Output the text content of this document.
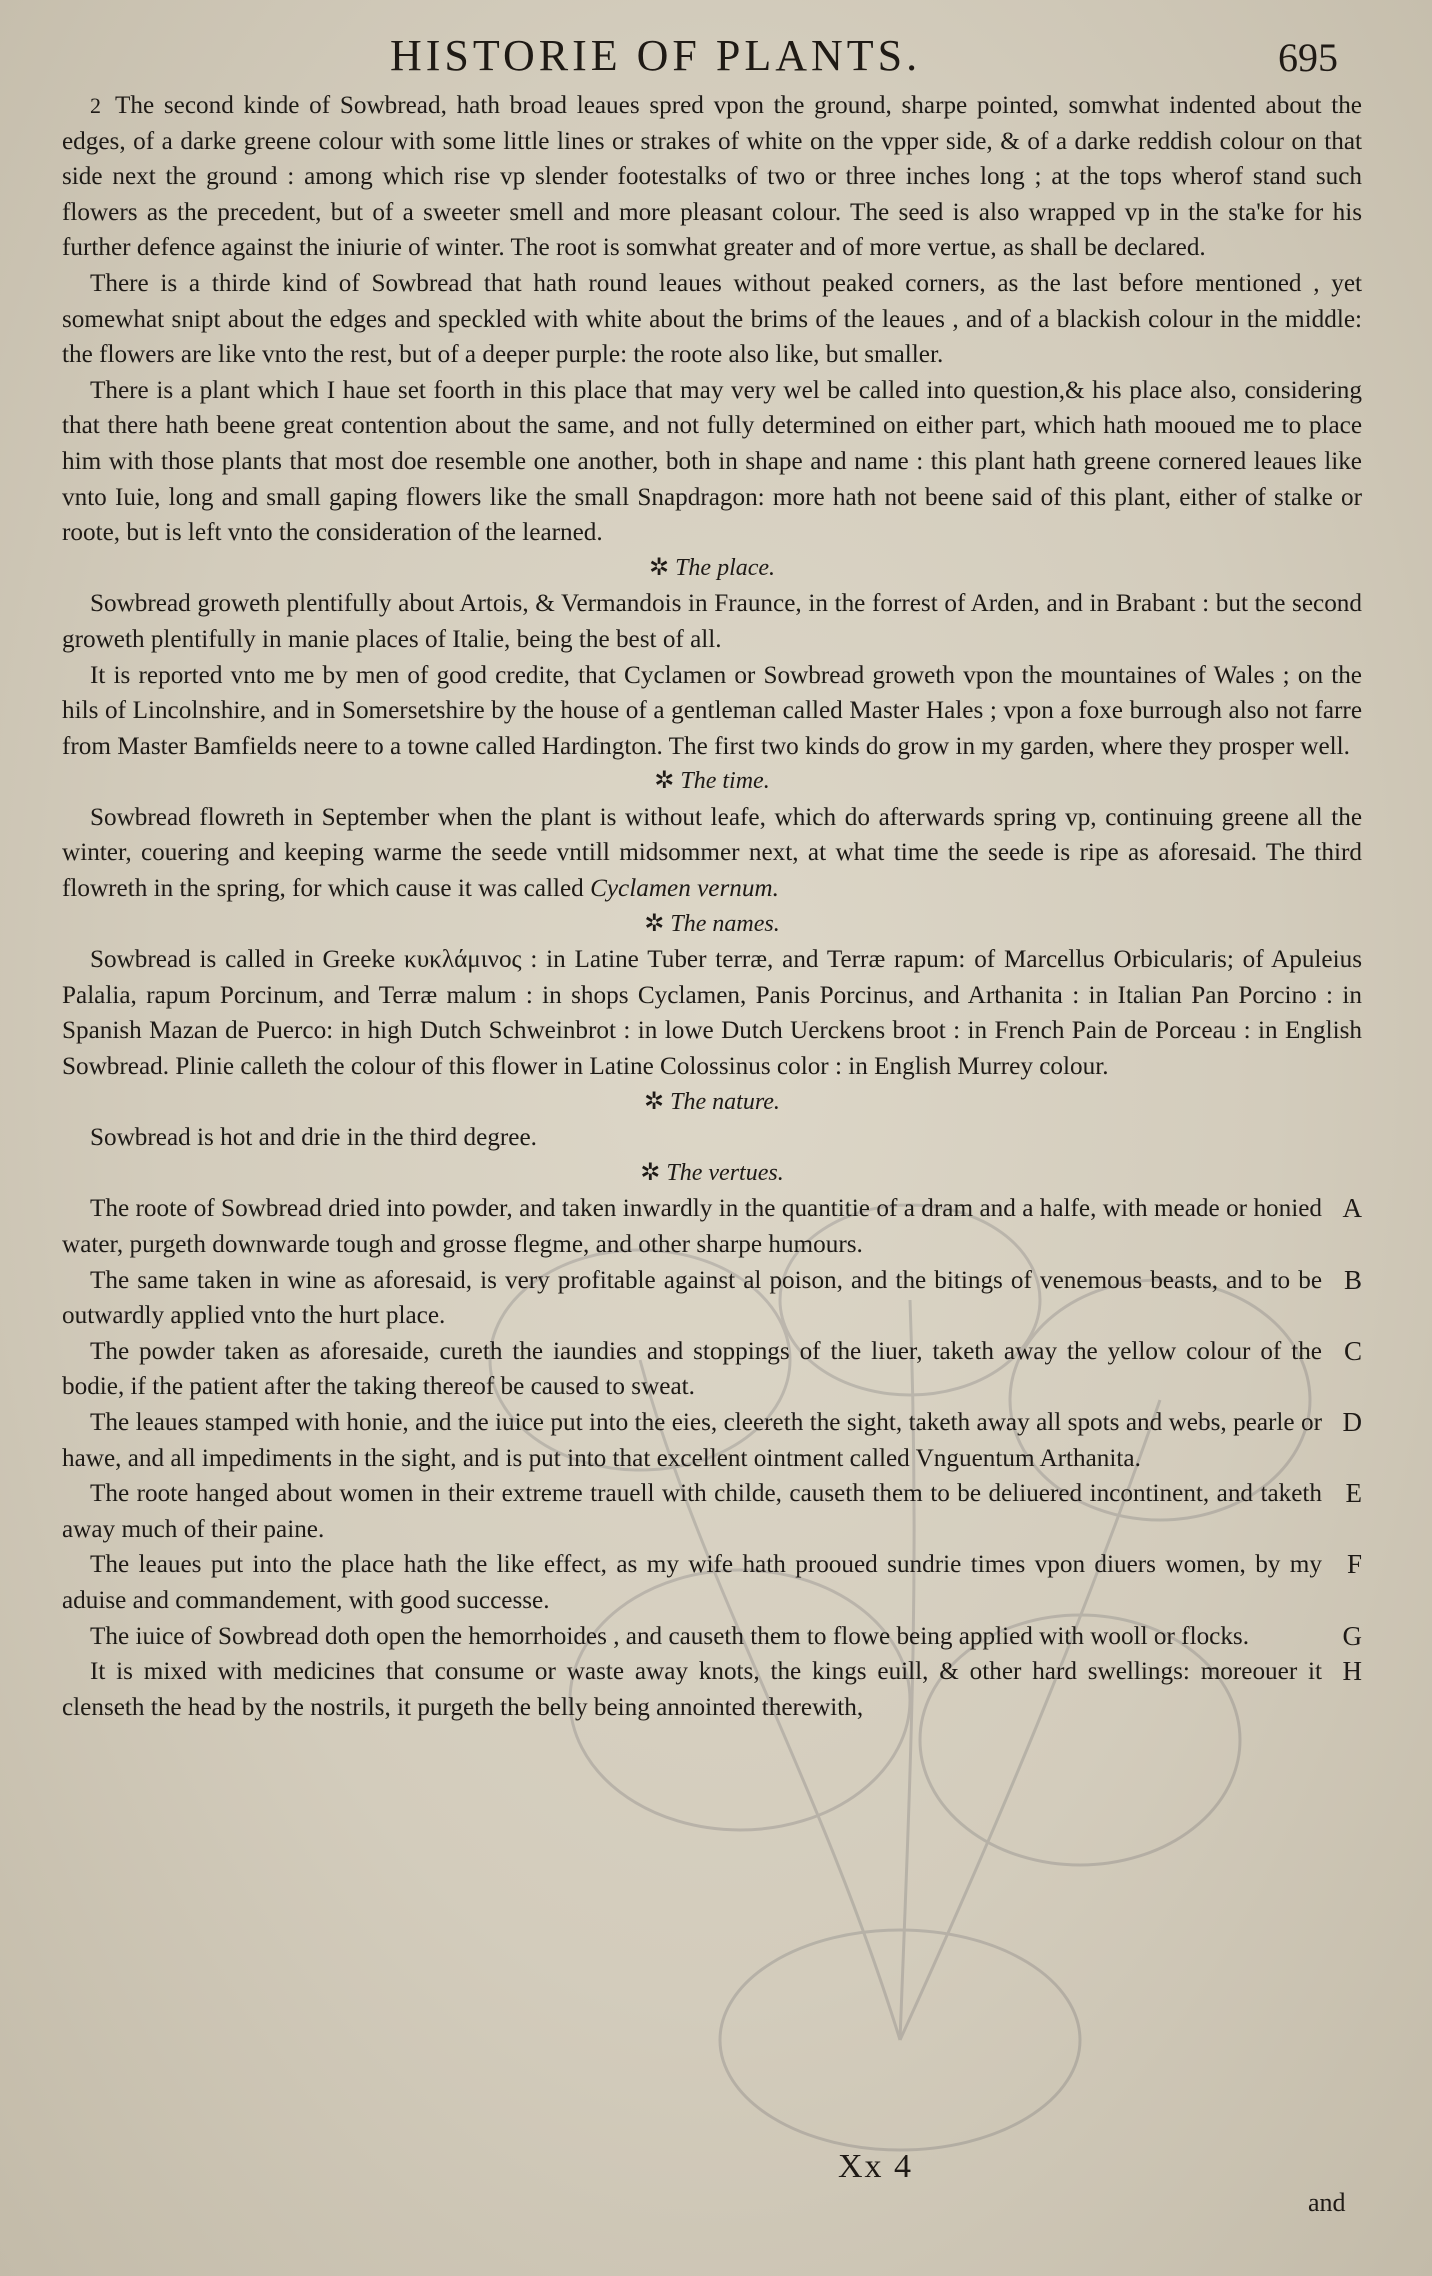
HISTORIE OF PLANTS.	695

2 The second kinde of Sowbread, hath broad leaues spred vpon the ground, sharpe pointed, somwhat indented about the edges, of a darke greene colour with some little lines or strakes of white on the vpper side, & of a darke reddish colour on that side next the ground : among which rise vp slender footestalks of two or three inches long ; at the tops wherof stand such flowers as the precedent, but of a sweeter smell and more pleasant colour. The seed is also wrapped vp in the sta'ke for his further defence against the iniurie of winter. The root is somwhat greater and of more vertue, as shall be declared.

There is a thirde kind of Sowbread that hath round leaues without peaked corners, as the last before mentioned , yet somewhat snipt about the edges and speckled with white about the brims of the leaues , and of a blackish colour in the middle: the flowers are like vnto the rest, but of a deeper purple: the roote also like, but smaller.

There is a plant which I haue set foorth in this place that may very wel be called into question,& his place also, considering that there hath beene great contention about the same, and not fully determined on either part, which hath mooued me to place him with those plants that most doe resemble one another, both in shape and name : this plant hath greene cornered leaues like vnto Iuie, long and small gaping flowers like the small Snapdragon: more hath not beene said of this plant, either of stalke or roote, but is left vnto the consideration of the learned.

✲ The place.

Sowbread groweth plentifully about Artois, & Vermandois in Fraunce, in the forrest of Arden, and in Brabant : but the second groweth plentifully in manie places of Italie, being the best of all.

It is reported vnto me by men of good credite, that Cyclamen or Sowbread groweth vpon the mountaines of Wales ; on the hils of Lincolnshire, and in Somersetshire by the house of a gentleman called Master Hales ; vpon a foxe burrough also not farre from Master Bamfields neere to a towne called Hardington. The first two kinds do grow in my garden, where they prosper well.

✲ The time.

Sowbread flowreth in September when the plant is without leafe, which do afterwards spring vp, continuing greene all the winter, couering and keeping warme the seede vntill midsommer next, at what time the seede is ripe as aforesaid. The third flowreth in the spring, for which cause it was called Cyclamen vernum.

✲ The names.

Sowbread is called in Greeke κυκλάμινος : in Latine Tuber terræ, and Terræ rapum: of Marcellus Orbicularis; of Apuleius Palalia, rapum Porcinum, and Terræ malum : in shops Cyclamen, Panis Porcinus, and Arthanita : in Italian Pan Porcino : in Spanish Mazan de Puerco: in high Dutch Schweinbrot : in lowe Dutch Uerckens broot : in French Pain de Porceau : in English Sowbread. Plinie calleth the colour of this flower in Latine Colossinus color : in English Murrey colour.

✲ The nature.

Sowbread is hot and drie in the third degree.

✲ The vertues.

The roote of Sowbread dried into powder, and taken inwardly in the quantitie of a dram and a halfe, with meade or honied water, purgeth downwarde tough and grosse flegme, and other sharpe humours.

A

The same taken in wine as aforesaid, is very profitable against al poison, and the bitings of venemous beasts, and to be outwardly applied vnto the hurt place.

B

The powder taken as aforesaide, cureth the iaundies and stoppings of the liuer, taketh away the yellow colour of the bodie, if the patient after the taking thereof be caused to sweat.

C

The leaues stamped with honie, and the iuice put into the eies, cleereth the sight, taketh away all spots and webs, pearle or hawe, and all impediments in the sight, and is put into that excellent ointment called Vnguentum Arthanita.

D

The roote hanged about women in their extreme trauell with childe, causeth them to be deliuered incontinent, and taketh away much of their paine.

E

The leaues put into the place hath the like effect, as my wife hath prooued sundrie times vpon diuers women, by my aduise and commandement, with good successe.

F

The iuice of Sowbread doth open the hemorrhoides , and causeth them to flowe being applied with wooll or flocks.	G

It is mixed with medicines that consume or waste away knots, the kings euill, & other hard swellings: moreouer it clenseth the head by the nostrils, it purgeth the belly being annointed therewith,

H
Xx 4
and
